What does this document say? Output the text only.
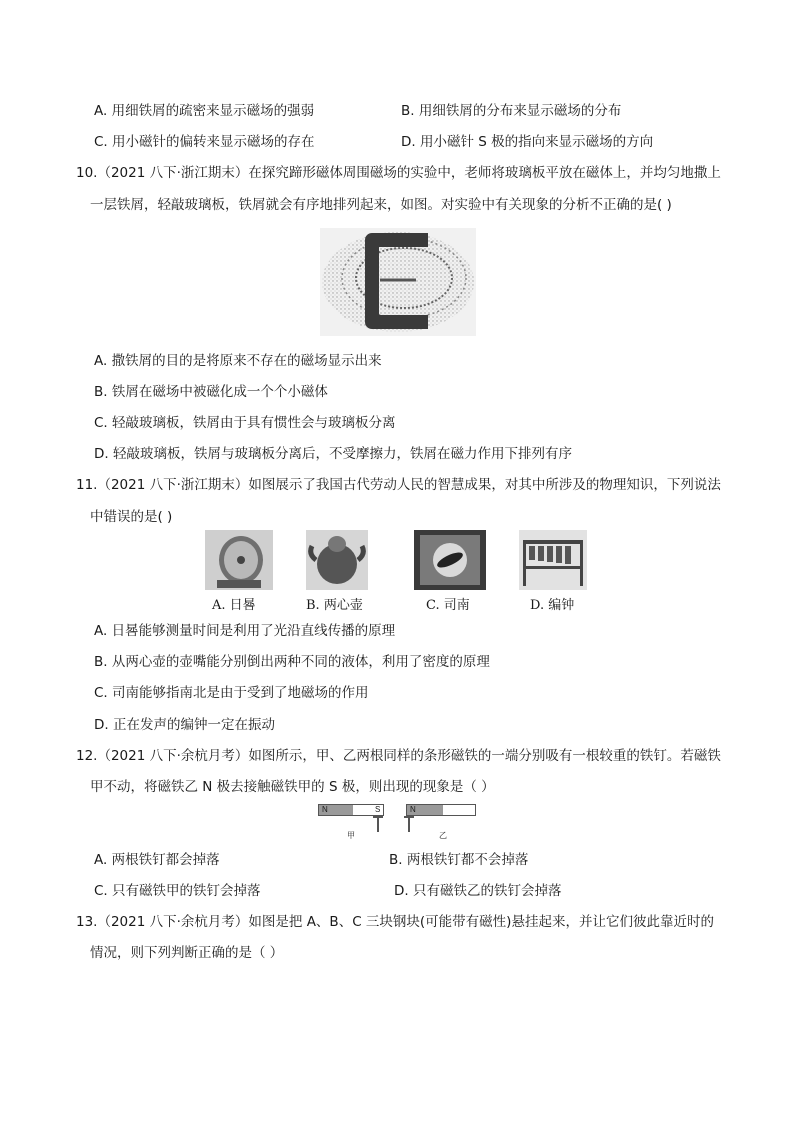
A. 用细铁屑的疏密来显示磁场的强弱	B. 用细铁屑的分布来显示磁场的分布
C. 用小磁针的偏转来显示磁场的存在	D. 用小磁针 S 极的指向来显示磁场的方向
10.（2021 八下·浙江期末）在探究蹄形磁体周围磁场的实验中，老师将玻璃板平放在磁体上，并均匀地撒上
一层铁屑，轻敲玻璃板，铁屑就会有序地排列起来，如图。对实验中有关现象的分析不正确的是( )
A. 撒铁屑的目的是将原来不存在的磁场显示出来
B. 铁屑在磁场中被磁化成一个个小磁体
C. 轻敲玻璃板，铁屑由于具有惯性会与玻璃板分离
D. 轻敲玻璃板，铁屑与玻璃板分离后，不受摩擦力，铁屑在磁力作用下排列有序
11.（2021 八下·浙江期末）如图展示了我国古代劳动人民的智慧成果，对其中所涉及的物理知识，下列说法
中错误的是( )
A. 日晷	B. 两心壶	C. 司南	D. 编钟
A. 日晷能够测量时间是利用了光沿直线传播的原理
B. 从两心壶的壶嘴能分别倒出两种不同的液体，利用了密度的原理
C. 司南能够指南北是由于受到了地磁场的作用
D. 正在发声的编钟一定在振动
12.（2021 八下·余杭月考）如图所示，甲、乙两根同样的条形磁铁的一端分别吸有一根较重的铁钉。若磁铁
甲不动，将磁铁乙 N 极去接触磁铁甲的 S 极，则出现的现象是（ ）
N	S
甲
N
乙
A. 两根铁钉都会掉落	B. 两根铁钉都不会掉落
C. 只有磁铁甲的铁钉会掉落	D. 只有磁铁乙的铁钉会掉落
13.（2021 八下·余杭月考）如图是把 A、B、C 三块钢块(可能带有磁性)悬挂起来，并让它们彼此靠近时的
情况，则下列判断正确的是（ ）
